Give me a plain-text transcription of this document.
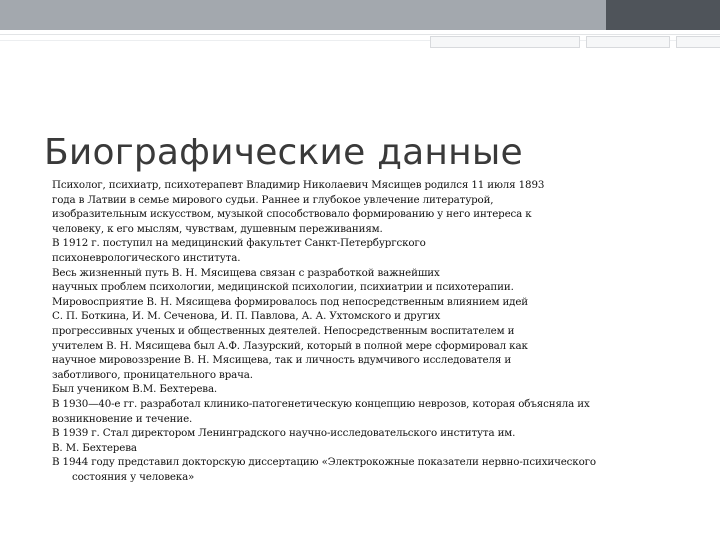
Биографические данные
Психолог, психиатр, психотерапевт Владимир Николаевич Мясищев родился 11 июля 1893
года в Латвии в семье мирового судьи. Раннее и глубокое увлечение литературой,
изобразительным искусством, музыкой способствовало формированию у него интереса к
человеку, к его мыслям, чувствам, душевным переживаниям.
В 1912 г. поступил на медицинский факультет Санкт-Петербургского
психоневрологического института.
Весь жизненный путь В. Н. Мясищева связан с разработкой важнейших
научных проблем психологии, медицинской психологии, психиатрии и психотерапии.
Мировосприятие В. Н. Мясищева формировалось под непосредственным влиянием идей
С. П. Боткина, И. М. Сеченова, И. П. Павлова, А. А. Ухтомского и других
прогрессивных ученых и общественных деятелей. Непосредственным воспитателем и
учителем В. Н. Мясищева был А.Ф. Лазурский, который в полной мере сформировал как
научное мировоззрение В. Н. Мясищева, так и личность вдумчивого исследователя и
заботливого, проницательного врача.
Был учеником В.М. Бехтерева.
В 1930—40-е гг. разработал клинико-патогенетическую концепцию неврозов, которая объясняла их
возникновение и течение.
В 1939 г. Стал директором Ленинградского научно-исследовательского института им.
В. М. Бехтерева
В 1944 году представил докторскую диссертацию «Электрокожные показатели нервно-психического
состояния у человека»
